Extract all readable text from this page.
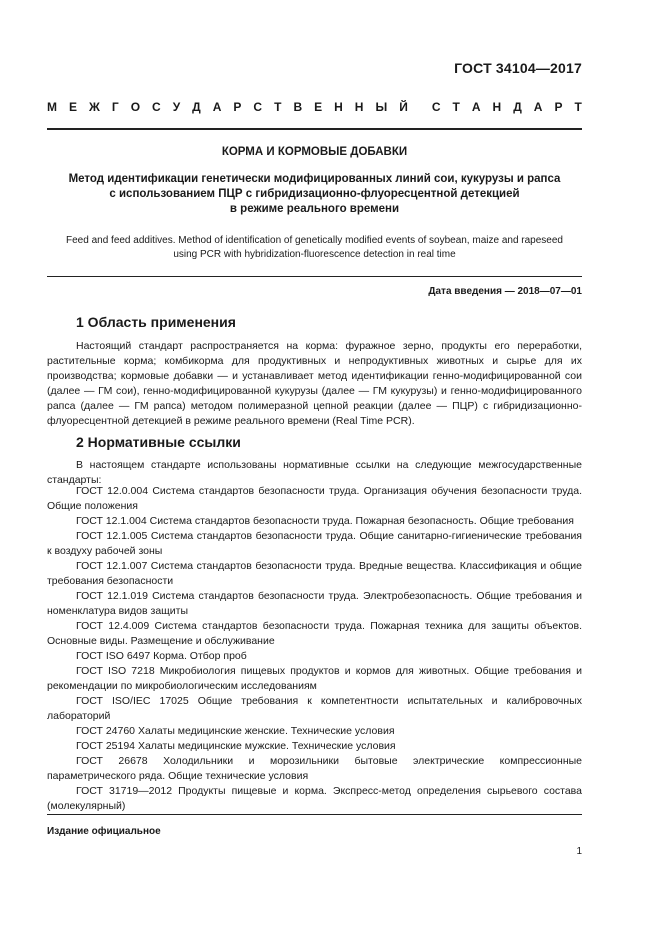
ГОСТ 34104—2017
М Е Ж Г О С У Д А Р С Т В Е Н Н Ы Й С Т А Н Д А Р Т

КОРМА И КОРМОВЫЕ ДОБАВКИ

Метод идентификации генетически модифицированных линий сои, кукурузы и рапса
с использованием ПЦР с гибридизационно-флуоресцентной детекцией
в режиме реального времени

Feed and feed additives. Method of identification of genetically modified events of soybean, maize and rapeseed
using PCR with hybridization-fluorescence detection in real time
Дата введения — 2018—07—01
1 Область применения
Настоящий стандарт распространяется на корма: фуражное зерно, продукты его переработки, растительные корма; комбикорма для продуктивных и непродуктивных животных и сырье для их производства; кормовые добавки — и устанавливает метод идентификации генно-модифицированной сои (далее — ГМ сои), генно-модифицированной кукурузы (далее — ГМ кукурузы) и генно-модифицированного рапса (далее — ГМ рапса) методом полимеразной цепной реакции (далее — ПЦР) с гибридизационно-флуоресцентной детекцией в режиме реального времени (Real Time PCR).
2 Нормативные ссылки
В настоящем стандарте использованы нормативные ссылки на следующие межгосударственные стандарты:

ГОСТ 12.0.004 Система стандартов безопасности труда. Организация обучения безопасности труда. Общие положения

ГОСТ 12.1.004 Система стандартов безопасности труда. Пожарная безопасность. Общие требования

ГОСТ 12.1.005 Система стандартов безопасности труда. Общие санитарно-гигиенические требования к воздуху рабочей зоны

ГОСТ 12.1.007 Система стандартов безопасности труда. Вредные вещества. Классификация и общие требования безопасности

ГОСТ 12.1.019 Система стандартов безопасности труда. Электробезопасность. Общие требования и номенклатура видов защиты

ГОСТ 12.4.009 Система стандартов безопасности труда. Пожарная техника для защиты объектов. Основные виды. Размещение и обслуживание

ГОСТ ISO 6497 Корма. Отбор проб

ГОСТ ISO 7218 Микробиология пищевых продуктов и кормов для животных. Общие требования и рекомендации по микробиологическим исследованиям

ГОСТ ISO/IEC 17025 Общие требования к компетентности испытательных и калибровочных лабораторий

ГОСТ 24760 Халаты медицинские женские. Технические условия

ГОСТ 25194 Халаты медицинские мужские. Технические условия

ГОСТ 26678 Холодильники и морозильники бытовые электрические компрессионные параметрического ряда. Общие технические условия

ГОСТ 31719—2012 Продукты пищевые и корма. Экспресс-метод определения сырьевого состава (молекулярный)

Издание официальное
1
